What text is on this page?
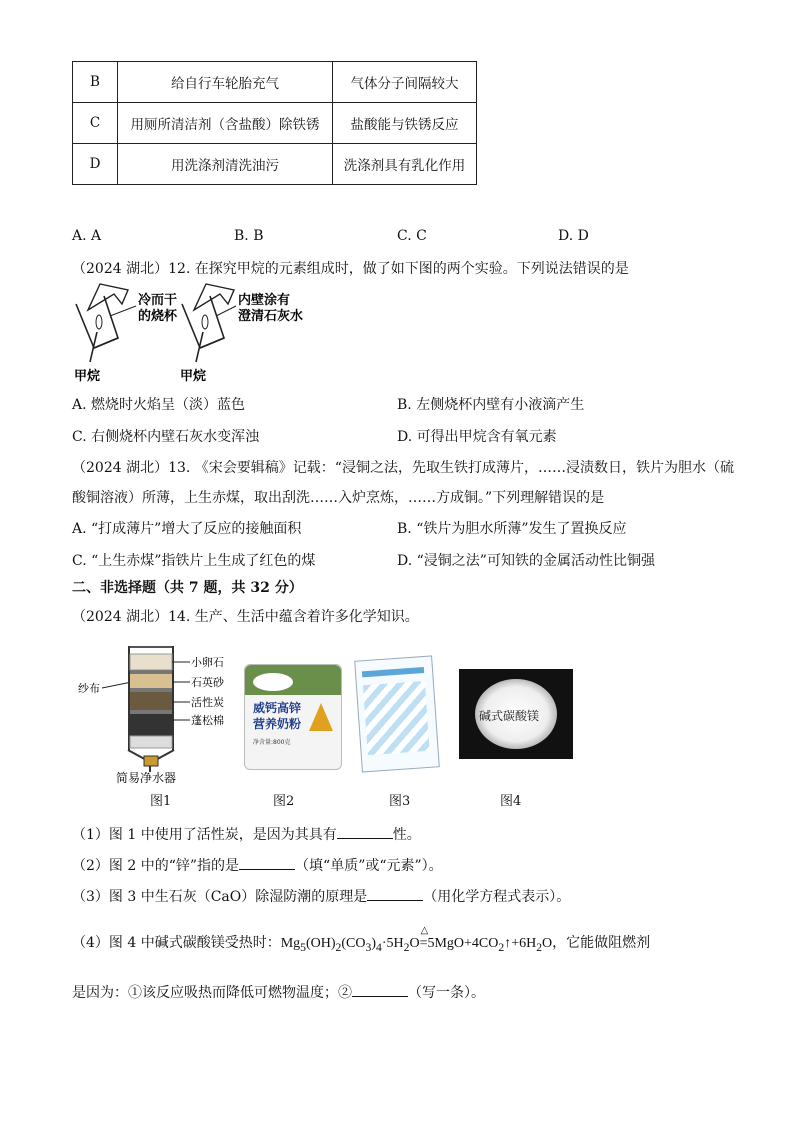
B	给自行车轮胎充气	气体分子间隔较大
C	用厕所清洁剂（含盐酸）除铁锈	盐酸能与铁锈反应
D	用洗涤剂清洗油污	洗涤剂具有乳化作用
A. A	B. B	C. C	D. D
（2024 湖北）12. 在探究甲烷的元素组成时，做了如下图的两个实验。下列说法错误的是
冷而干
的烧杯
甲烷
内壁涂有
澄清石灰水
甲烷
A. 燃烧时火焰呈（淡）蓝色	B. 左侧烧杯内壁有小液滴产生
C. 右侧烧杯内壁石灰水变浑浊	D. 可得出甲烷含有氧元素
（2024 湖北）13. 《宋会要辑稿》记载：“浸铜之法，先取生铁打成薄片，……浸渍数日，铁片为胆水（硫
酸铜溶液）所薄，上生赤煤，取出刮洗……入炉烹炼，……方成铜。”下列理解错误的是
A. “打成薄片”增大了反应的接触面积	B. “铁片为胆水所薄”发生了置换反应
C. “上生赤煤”指铁片上生成了红色的煤	D. “浸铜之法”可知铁的金属活动性比铜强
二、非选择题（共 7 题，共 32 分）
（2024 湖北）14. 生产、生活中蕴含着许多化学知识。
纱布
小卵石
石英砂
活性炭
蓬松棉
简易净水器
威钙高锌
营养奶粉
净含量:800克
碱式碳酸镁
图1	图2	图3	图4
（1）图 1 中使用了活性炭，是因为其具有	性。
（2）图 2 中的“锌”指的是	（填“单质”或“元素”）。
（3）图 3 中生石灰（CaO）除湿防潮的原理是	（用化学方程式表示）。
（4）图 4 中碱式碳酸镁受热时：$Mg_5(OH)_2(CO_3)_4\cdot 5H_2O$
△
$=5MgO+4CO_2↑+6H_2O$，它能做阻燃剂
是因为：①该反应吸热而降低可燃物温度；②	（写一条）。
